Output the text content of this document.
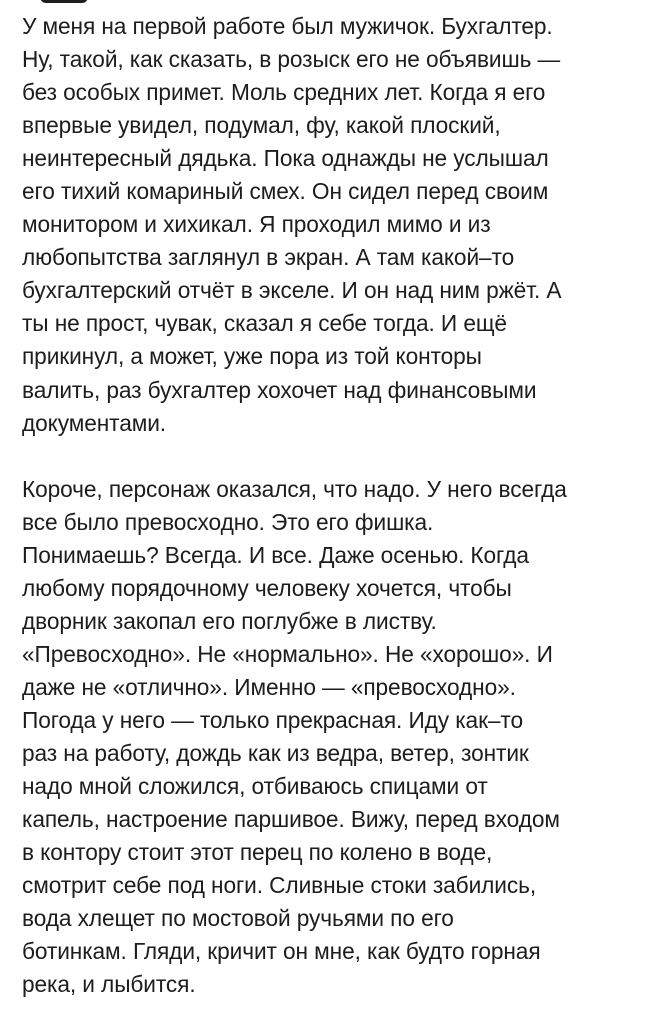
У меня на первой работе был мужичок. Бухгалтер.
Ну, такой, как сказать, в розыск его не объявишь —
без особых примет. Моль средних лет. Когда я его
впервые увидел, подумал, фу, какой плоский,
неинтересный дядька. Пока однажды не услышал
его тихий комариный смех. Он сидел перед своим
монитором и хихикал. Я проходил мимо и из
любопытства заглянул в экран. А там какой–то
бухгалтерский отчёт в экселе. И он над ним ржёт. А
ты не прост, чувак, сказал я себе тогда. И ещё
прикинул, а может, уже пора из той конторы
валить, раз бухгалтер хохочет над финансовыми
документами.

Короче, персонаж оказался, что надо. У него всегда
все было превосходно. Это его фишка.
Понимаешь? Всегда. И все. Даже осенью. Когда
любому порядочному человеку хочется, чтобы
дворник закопал его поглубже в листву.
«Превосходно». Не «нормально». Не «хорошо». И
даже не «отлично». Именно — «превосходно».
Погода у него — только прекрасная. Иду как–то
раз на работу, дождь как из ведра, ветер, зонтик
надо мной сложился, отбиваюсь спицами от
капель, настроение паршивое. Вижу, перед входом
в контору стоит этот перец по колено в воде,
смотрит себе под ноги. Сливные стоки забились,
вода хлещет по мостовой ручьями по его
ботинкам. Гляди, кричит он мне, как будто горная
река, и лыбится.
